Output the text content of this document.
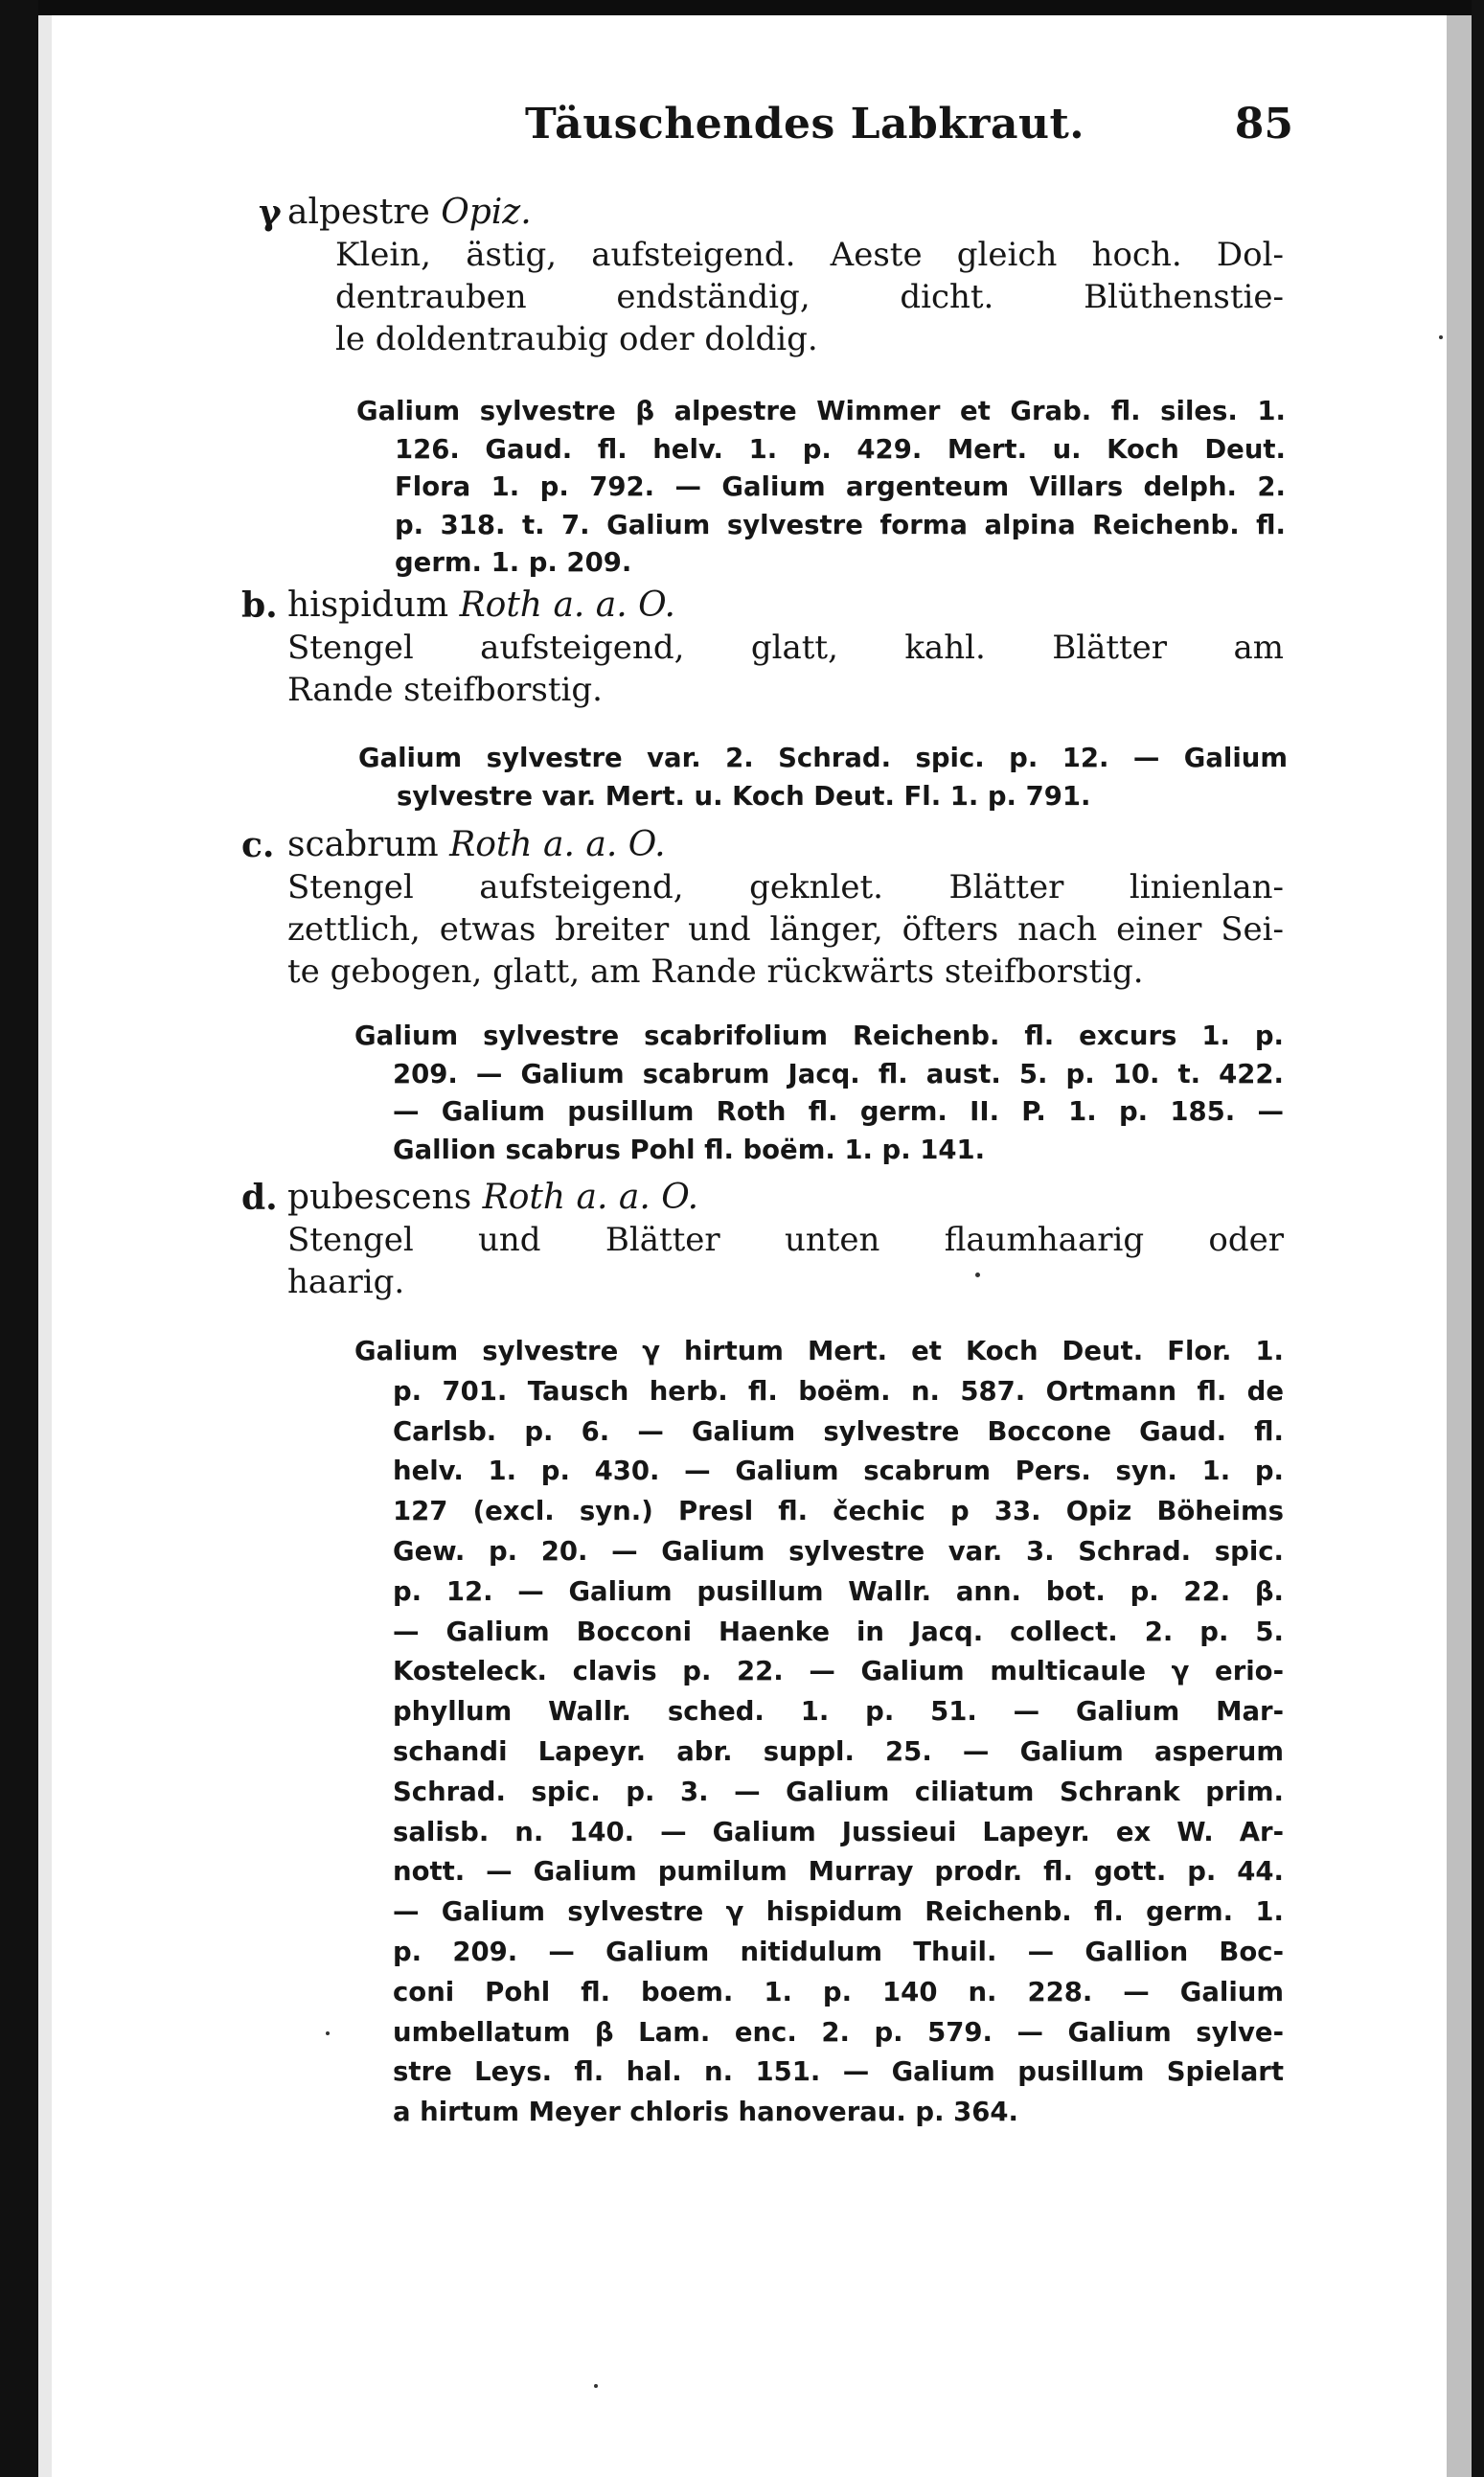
Täuschendes Labkraut.	85
γ alpestre Opiz.
Klein, ästig, aufsteigend. Aeste gleich hoch. Dol-
dentrauben endständig, dicht. Blüthenstie-
le doldentraubig oder doldig.
Galium sylvestre β alpestre Wimmer et Grab. fl. siles. 1.
126. Gaud. fl. helv. 1. p. 429. Mert. u. Koch Deut.
Flora 1. p. 792. — Galium argenteum Villars delph. 2.
p. 318. t. 7. Galium sylvestre forma alpina Reichenb. fl.
germ. 1. p. 209.
b. hispidum Roth a. a. O.
Stengel aufsteigend, glatt, kahl. Blätter am
Rande steifborstig.
Galium sylvestre var. 2. Schrad. spic. p. 12. — Galium
sylvestre var. Mert. u. Koch Deut. Fl. 1. p. 791.
c. scabrum Roth a. a. O.
Stengel aufsteigend, geknlet. Blätter linienlan-
zettlich, etwas breiter und länger, öfters nach einer Sei-
te gebogen, glatt, am Rande rückwärts steifborstig.
Galium sylvestre scabrifolium Reichenb. fl. excurs 1. p.
209. — Galium scabrum Jacq. fl. aust. 5. p. 10. t. 422.
— Galium pusillum Roth fl. germ. II. P. 1. p. 185. —
Gallion scabrus Pohl fl. boëm. 1. p. 141.
d. pubescens Roth a. a. O.
Stengel und Blätter unten flaumhaarig oder
haarig.
Galium sylvestre γ hirtum Mert. et Koch Deut. Flor. 1.
p. 701. Tausch herb. fl. boëm. n. 587. Ortmann fl. de
Carlsb. p. 6. — Galium sylvestre Boccone Gaud. fl.
helv. 1. p. 430. — Galium scabrum Pers. syn. 1. p.
127 (excl. syn.) Presl fl. čechic p 33. Opiz Böheims
Gew. p. 20. — Galium sylvestre var. 3. Schrad. spic.
p. 12. — Galium pusillum Wallr. ann. bot. p. 22. β.
— Galium Bocconi Haenke in Jacq. collect. 2. p. 5.
Kosteleck. clavis p. 22. — Galium multicaule γ erio-
phyllum Wallr. sched. 1. p. 51. — Galium Mar-
schandi Lapeyr. abr. suppl. 25. — Galium asperum
Schrad. spic. p. 3. — Galium ciliatum Schrank prim.
salisb. n. 140. — Galium Jussieui Lapeyr. ex W. Ar-
nott. — Galium pumilum Murray prodr. fl. gott. p. 44.
— Galium sylvestre γ hispidum Reichenb. fl. germ. 1.
p. 209. — Galium nitidulum Thuil. — Gallion Boc-
coni Pohl fl. boem. 1. p. 140 n. 228. — Galium
umbellatum β Lam. enc. 2. p. 579. — Galium sylve-
stre Leys. fl. hal. n. 151. — Galium pusillum Spielart
a hirtum Meyer chloris hanoverau. p. 364.
